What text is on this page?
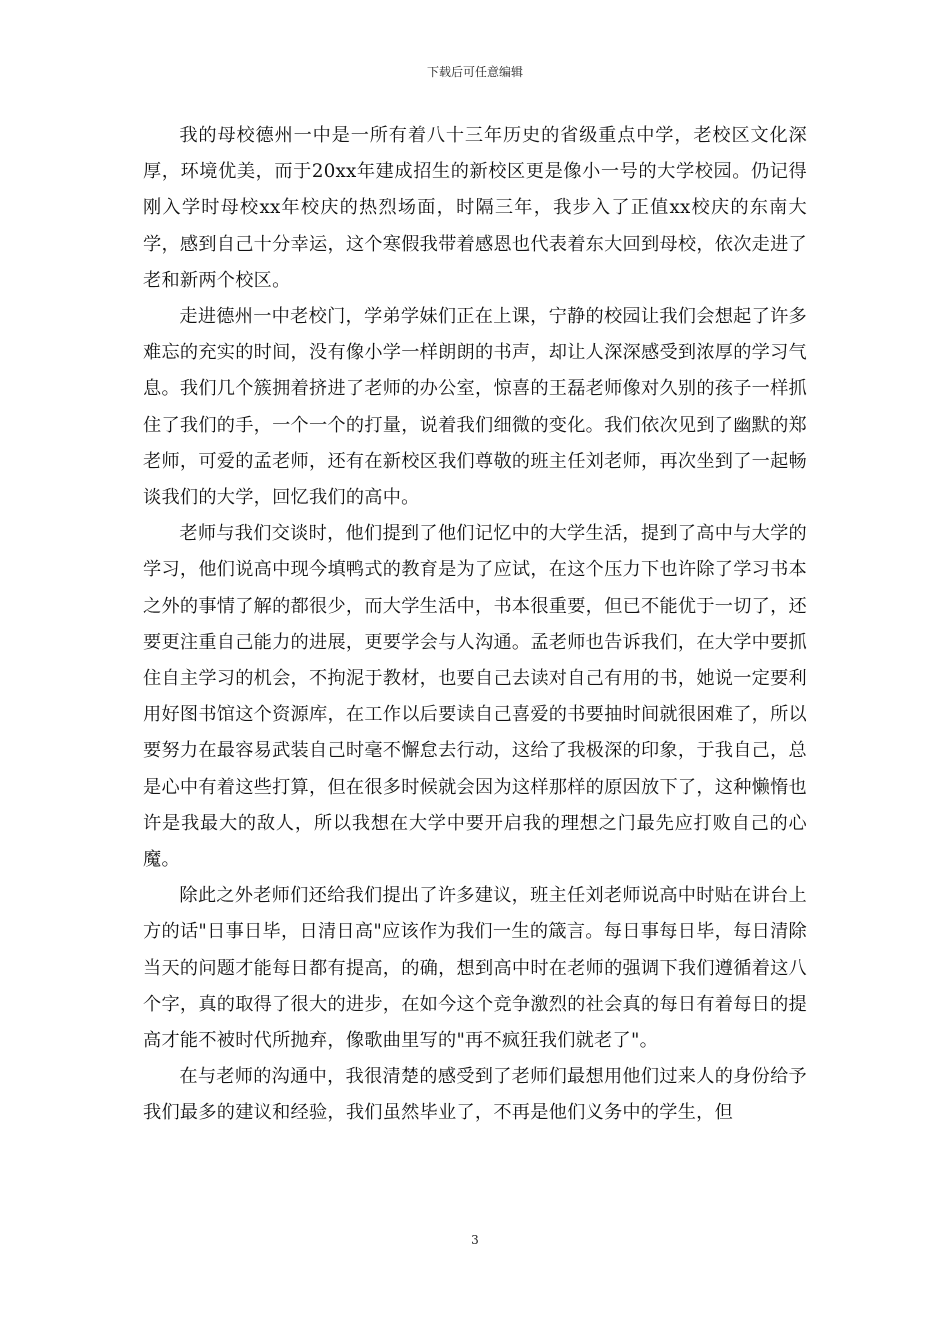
下载后可任意编辑

我的母校德州一中是一所有着八十三年历史的省级重点中学，老校区文化深厚，环境优美，而于20xx年建成招生的新校区更是像小一号的大学校园。仍记得刚入学时母校xx年校庆的热烈场面，时隔三年，我步入了正值xx校庆的东南大学，感到自己十分幸运，这个寒假我带着感恩也代表着东大回到母校，依次走进了老和新两个校区。

走进德州一中老校门，学弟学妹们正在上课，宁静的校园让我们会想起了许多难忘的充实的时间，没有像小学一样朗朗的书声，却让人深深感受到浓厚的学习气息。我们几个簇拥着挤进了老师的办公室，惊喜的王磊老师像对久别的孩子一样抓住了我们的手，一个一个的打量，说着我们细微的变化。我们依次见到了幽默的郑老师，可爱的孟老师，还有在新校区我们尊敬的班主任刘老师，再次坐到了一起畅谈我们的大学，回忆我们的高中。

老师与我们交谈时，他们提到了他们记忆中的大学生活，提到了高中与大学的学习，他们说高中现今填鸭式的教育是为了应试，在这个压力下也许除了学习书本之外的事情了解的都很少，而大学生活中，书本很重要，但已不能优于一切了，还要更注重自己能力的进展，更要学会与人沟通。孟老师也告诉我们，在大学中要抓住自主学习的机会，不拘泥于教材，也要自己去读对自己有用的书，她说一定要利用好图书馆这个资源库，在工作以后要读自己喜爱的书要抽时间就很困难了，所以要努力在最容易武装自己时毫不懈怠去行动，这给了我极深的印象，于我自己，总是心中有着这些打算，但在很多时候就会因为这样那样的原因放下了，这种懒惰也许是我最大的敌人，所以我想在大学中要开启我的理想之门最先应打败自己的心魔。

除此之外老师们还给我们提出了许多建议，班主任刘老师说高中时贴在讲台上方的话"日事日毕，日清日高"应该作为我们一生的箴言。每日事每日毕，每日清除当天的问题才能每日都有提高，的确，想到高中时在老师的强调下我们遵循着这八个字，真的取得了很大的进步，在如今这个竞争激烈的社会真的每日有着每日的提高才能不被时代所抛弃，像歌曲里写的"再不疯狂我们就老了"。

在与老师的沟通中，我很清楚的感受到了老师们最想用他们过来人的身份给予我们最多的建议和经验，我们虽然毕业了，不再是他们义务中的学生，但

3
